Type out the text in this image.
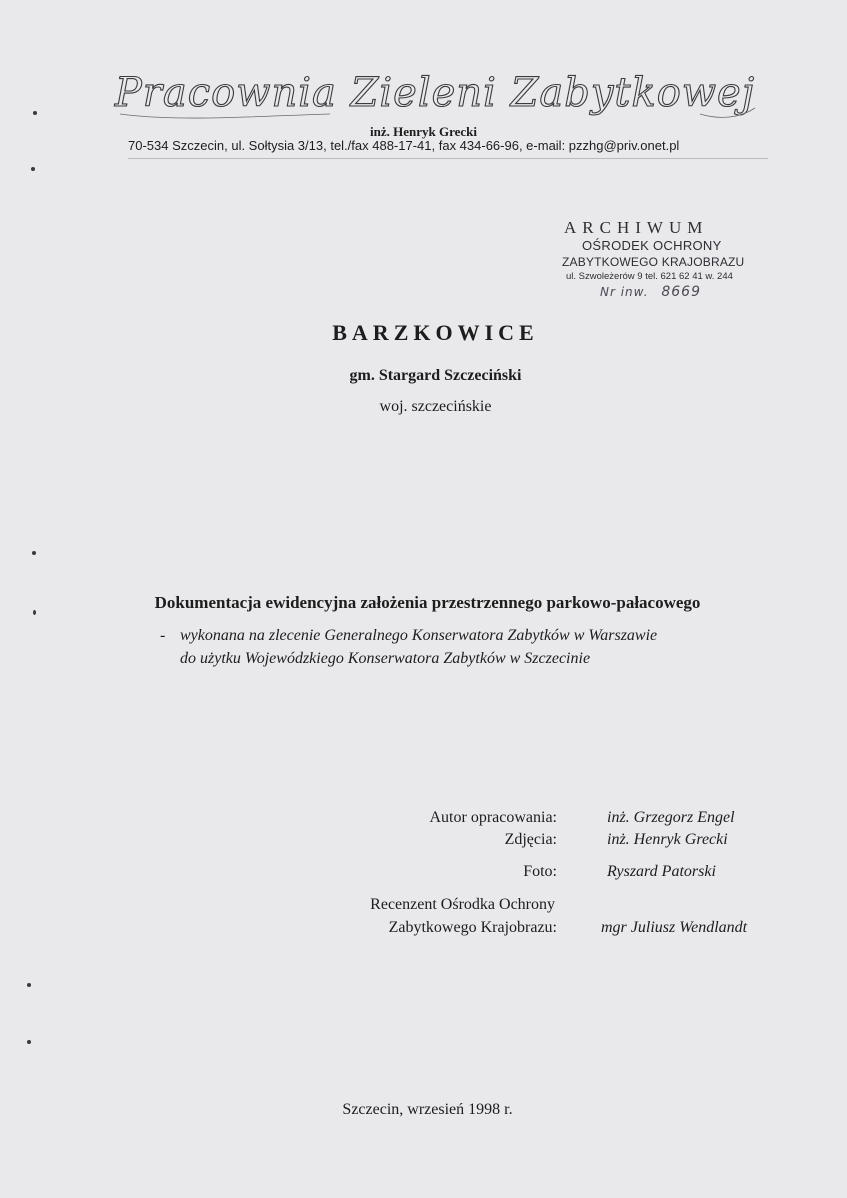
Pracownia Zieleni Zabytkowej
inż. Henryk Grecki
70-534 Szczecin, ul. Sołtysia 3/13, tel./fax 488-17-41, fax 434-66-96, e-mail: pzzhg@priv.onet.pl
ARCHIWUM
OŚRODEK OCHRONY
ZABYTKOWEGO KRAJOBRAZU
ul. Szwoleżerów 9 tel. 621 62 41 w. 244
Nr inw. 8669
BARZKOWICE
gm. Stargard Szczeciński
woj. szczecińskie
Dokumentacja ewidencyjna założenia przestrzennego parkowo-pałacowego
- wykonana na zlecenie Generalnego Konserwatora Zabytków w Warszawie
do użytku Wojewódzkiego Konserwatora Zabytków w Szczecinie
Autor opracowania:	inż. Grzegorz Engel
Zdjęcia:	inż. Henryk Grecki
Foto:	Ryszard Patorski
Recenzent Ośrodka Ochrony
Zabytkowego Krajobrazu:	mgr Juliusz Wendlandt
Szczecin, wrzesień 1998 r.
